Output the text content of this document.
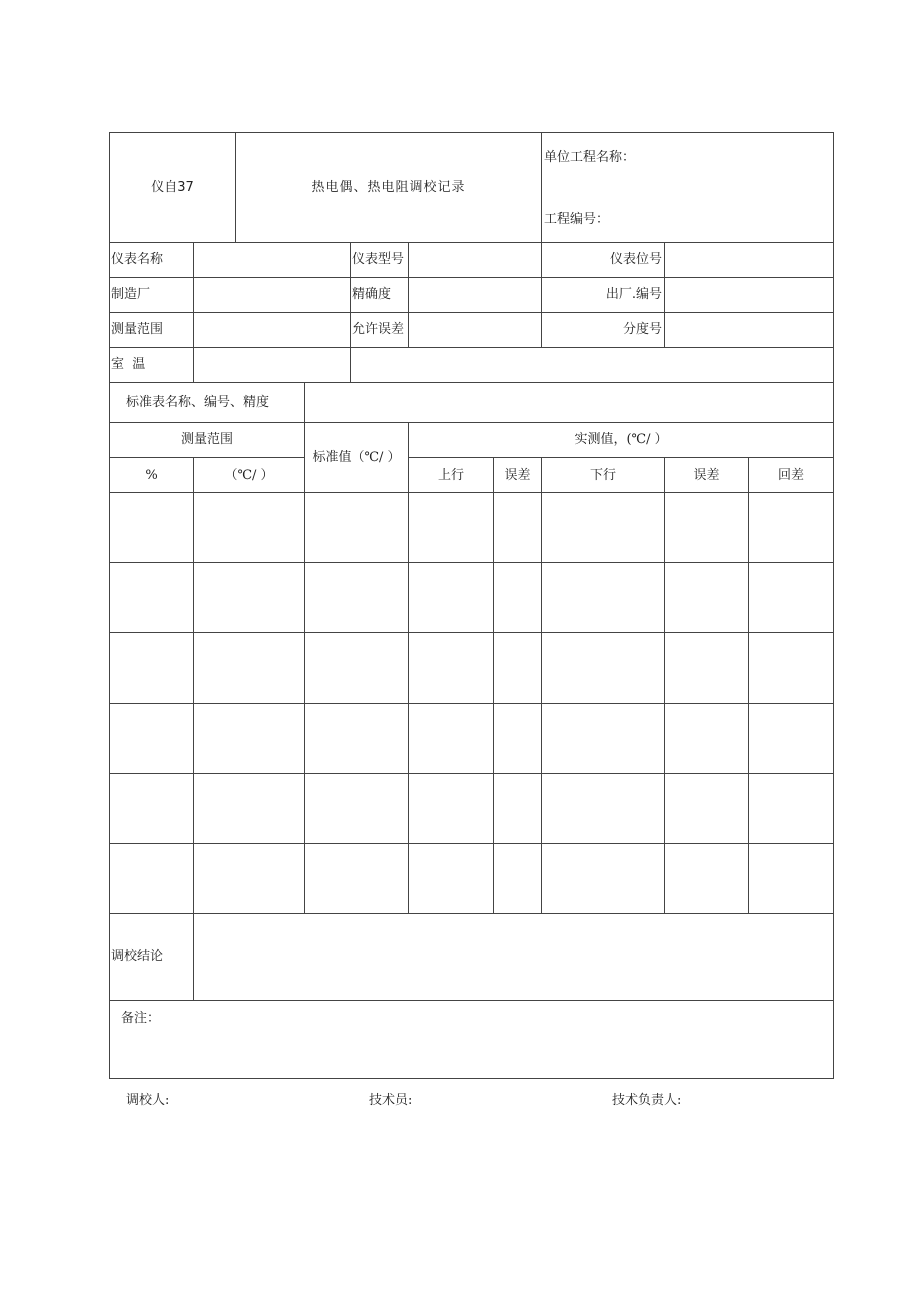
仪自37		热电偶、热电阻调校记录					单位工程名称：
工程编号：		

仪表名称				仪表型号			仪表位号		
制造厂				精确度			出厂.编号		
测量范围				允许误差			分度号		
室  温									
标准表名称、编号、精度									
测量范围			标准值（℃/ ）		实测值，(℃/ ）				
%	（℃/ ）				上行	误差	下行	误差	回差

调校结论									
备注：									
调校人:	技术员:	技术负责人:
